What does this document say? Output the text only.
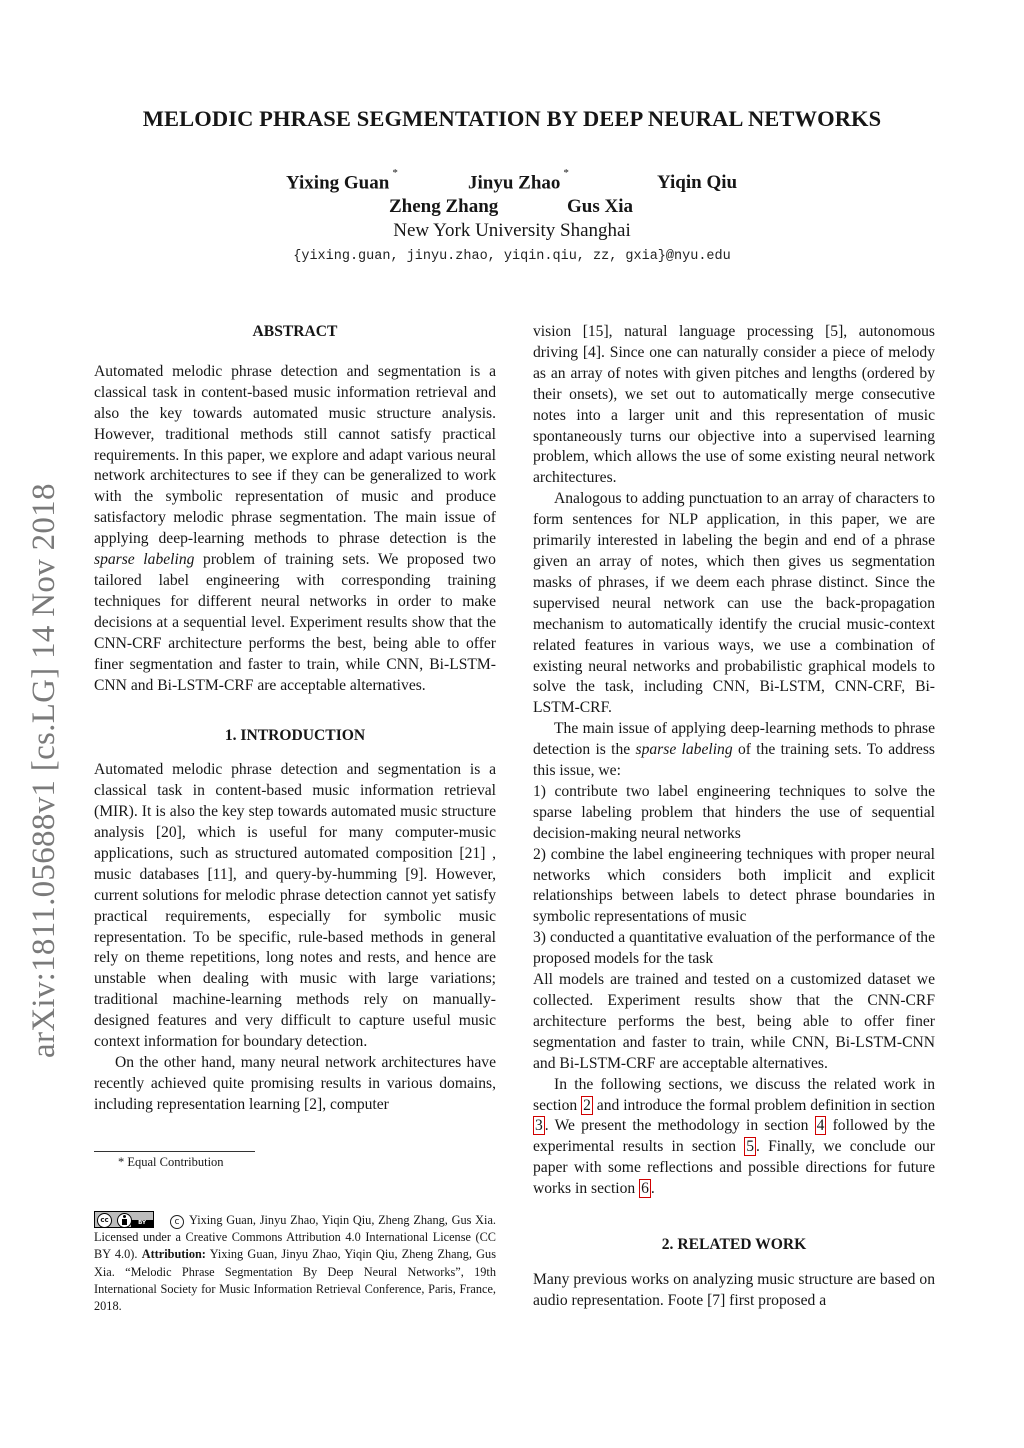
MELODIC PHRASE SEGMENTATION BY DEEP NEURAL NETWORKS
Yixing Guan *	Jinyu Zhao *	Yiqin Qiu
Zheng Zhang	Gus Xia
New York University Shanghai
{yixing.guan, jinyu.zhao, yiqin.qiu, zz, gxia}@nyu.edu
arXiv:1811.05688v1 [cs.LG] 14 Nov 2018
ABSTRACT

Automated melodic phrase detection and segmentation is a classical task in content-based music information retrieval and also the key towards automated music structure analysis. However, traditional methods still cannot satisfy practical requirements. In this paper, we explore and adapt various neural network architectures to see if they can be generalized to work with the symbolic representation of music and produce satisfactory melodic phrase segmentation. The main issue of applying deep-learning methods to phrase detection is the sparse labeling problem of training sets. We proposed two tailored label engineering with corresponding training techniques for different neural networks in order to make decisions at a sequential level. Experiment results show that the CNN-CRF architecture performs the best, being able to offer finer segmentation and faster to train, while CNN, Bi-LSTM-CNN and Bi-LSTM-CRF are acceptable alternatives.

1. INTRODUCTION

Automated melodic phrase detection and segmentation is a classical task in content-based music information retrieval (MIR). It is also the key step towards automated music structure analysis [20], which is useful for many computer-music applications, such as structured automated composition [21] , music databases [11], and query-by-humming [9]. However, current solutions for melodic phrase detection cannot yet satisfy practical requirements, especially for symbolic music representation. To be specific, rule-based methods in general rely on theme repetitions, long notes and rests, and hence are unstable when dealing with music with large variations; traditional machine-learning methods rely on manually-designed features and very difficult to capture useful music context information for boundary detection.

On the other hand, many neural network architectures have recently achieved quite promising results in various domains, including representation learning [2], computer

* Equal Contribution
cc	BY	c Yixing Guan, Jinyu Zhao, Yiqin Qiu, Zheng Zhang, Gus Xia. Licensed under a Creative Commons Attribution 4.0 International License (CC BY 4.0). Attribution: Yixing Guan, Jinyu Zhao, Yiqin Qiu, Zheng Zhang, Gus Xia. “Melodic Phrase Segmentation By Deep Neural Networks”, 19th International Society for Music Information Retrieval Conference, Paris, France, 2018.

vision [15], natural language processing [5], autonomous driving [4]. Since one can naturally consider a piece of melody as an array of notes with given pitches and lengths (ordered by their onsets), we set out to automatically merge consecutive notes into a larger unit and this representation of music spontaneously turns our objective into a supervised learning problem, which allows the use of some existing neural network architectures.

Analogous to adding punctuation to an array of characters to form sentences for NLP application, in this paper, we are primarily interested in labeling the begin and end of a phrase given an array of notes, which then gives us segmentation masks of phrases, if we deem each phrase distinct. Since the supervised neural network can use the back-propagation mechanism to automatically identify the crucial music-context related features in various ways, we use a combination of existing neural networks and probabilistic graphical models to solve the task, including CNN, Bi-LSTM, CNN-CRF, Bi-LSTM-CRF.

The main issue of applying deep-learning methods to phrase detection is the sparse labeling of the training sets. To address this issue, we:

1) contribute two label engineering techniques to solve the sparse labeling problem that hinders the use of sequential decision-making neural networks

2) combine the label engineering techniques with proper neural networks which considers both implicit and explicit relationships between labels to detect phrase boundaries in symbolic representations of music

3) conducted a quantitative evaluation of the performance of the proposed models for the task

All models are trained and tested on a customized dataset we collected. Experiment results show that the CNN-CRF architecture performs the best, being able to offer finer segmentation and faster to train, while CNN, Bi-LSTM-CNN and Bi-LSTM-CRF are acceptable alternatives.

In the following sections, we discuss the related work in section 2 and introduce the formal problem definition in section 3 . We present the methodology in section 4 followed by the experimental results in section 5 . Finally, we conclude our paper with some reflections and possible directions for future works in section 6 .

2. RELATED WORK

Many previous works on analyzing music structure are based on audio representation. Foote [7] first proposed a
